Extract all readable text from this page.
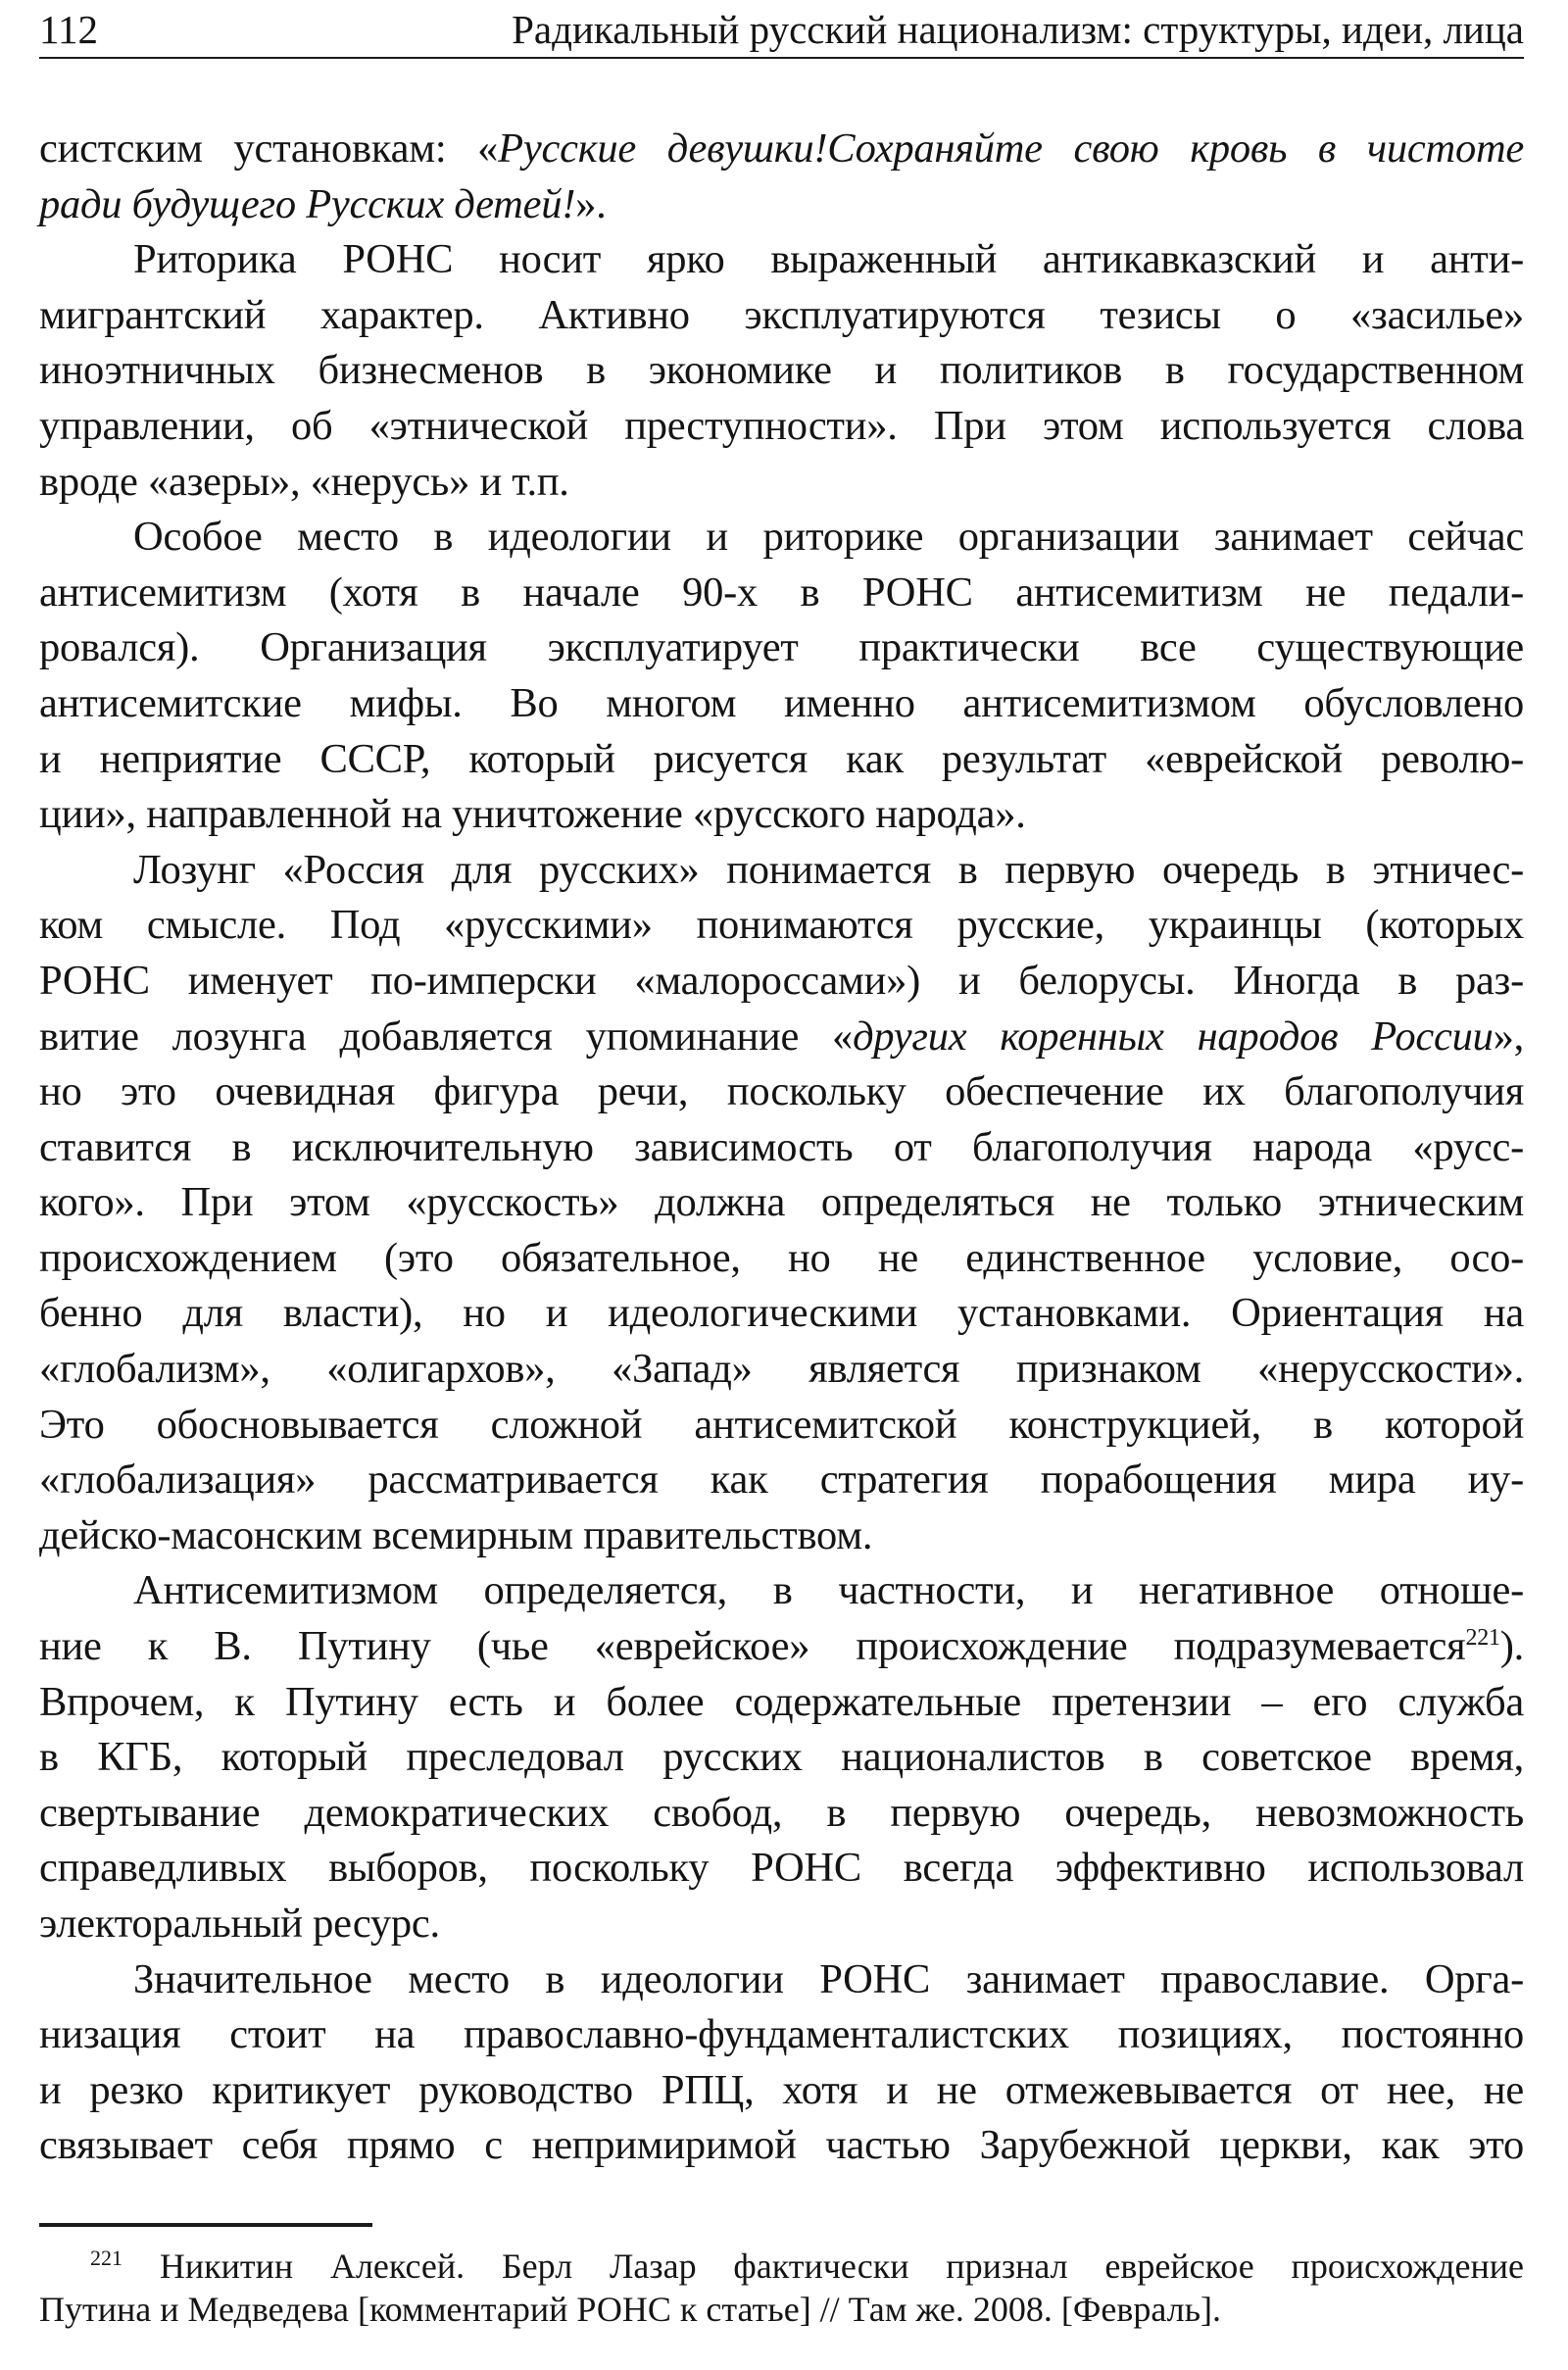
112	Радикальный русский национализм: структуры, идеи, лица

систским установкам: «Русские девушки!Сохраняйте свою кровь в чистоте
ради будущего Русских детей!».

Риторика РОНС носит ярко выраженный антикавказский и анти-
мигрантский характер. Активно эксплуатируются тезисы о «засилье»
иноэтничных бизнесменов в экономике и политиков в государственном
управлении, об «этнической преступности». При этом используется слова
вроде «азеры», «нерусь» и т.п.

Особое место в идеологии и риторике организации занимает сейчас
антисемитизм (хотя в начале 90-х в РОНС антисемитизм не педали-
ровался). Организация эксплуатирует практически все существующие
антисемитские мифы. Во многом именно антисемитизмом обусловлено
и неприятие СССР, который рисуется как результат «еврейской револю-
ции», направленной на уничтожение «русского народа».

Лозунг «Россия для русских» понимается в первую очередь в этничес-
ком смысле. Под «русскими» понимаются русские, украинцы (которых
РОНС именует по-имперски «малороссами») и белорусы. Иногда в раз-
витие лозунга добавляется упоминание «других коренных народов России»,
но это очевидная фигура речи, поскольку обеспечение их благополучия
ставится в исключительную зависимость от благополучия народа «русс-
кого». При этом «русскость» должна определяться не только этническим
происхождением (это обязательное, но не единственное условие, осо-
бенно для власти), но и идеологическими установками. Ориентация на
«глобализм», «олигархов», «Запад» является признаком «нерусскости».
Это обосновывается сложной антисемитской конструкцией, в которой
«глобализация» рассматривается как стратегия порабощения мира иу-
дейско-масонским всемирным правительством.

Антисемитизмом определяется, в частности, и негативное отноше-
ние к В. Путину (чье «еврейское» происхождение подразумевается$^{221}$).
Впрочем, к Путину есть и более содержательные претензии – его служба
в КГБ, который преследовал русских националистов в советское время,
свертывание демократических свобод, в первую очередь, невозможность
справедливых выборов, поскольку РОНС всегда эффективно использовал
электоральный ресурс.

Значительное место в идеологии РОНС занимает православие. Орга-
низация стоит на православно-фундаменталистских позициях, постоянно
и резко критикует руководство РПЦ, хотя и не отмежевывается от нее, не
связывает себя прямо с непримиримой частью Зарубежной церкви, как это

$^{221}$ Никитин Алексей. Берл Лазар фактически признал еврейское происхождение
Путина и Медведева [комментарий РОНС к статье] // Там же. 2008. [Февраль].
